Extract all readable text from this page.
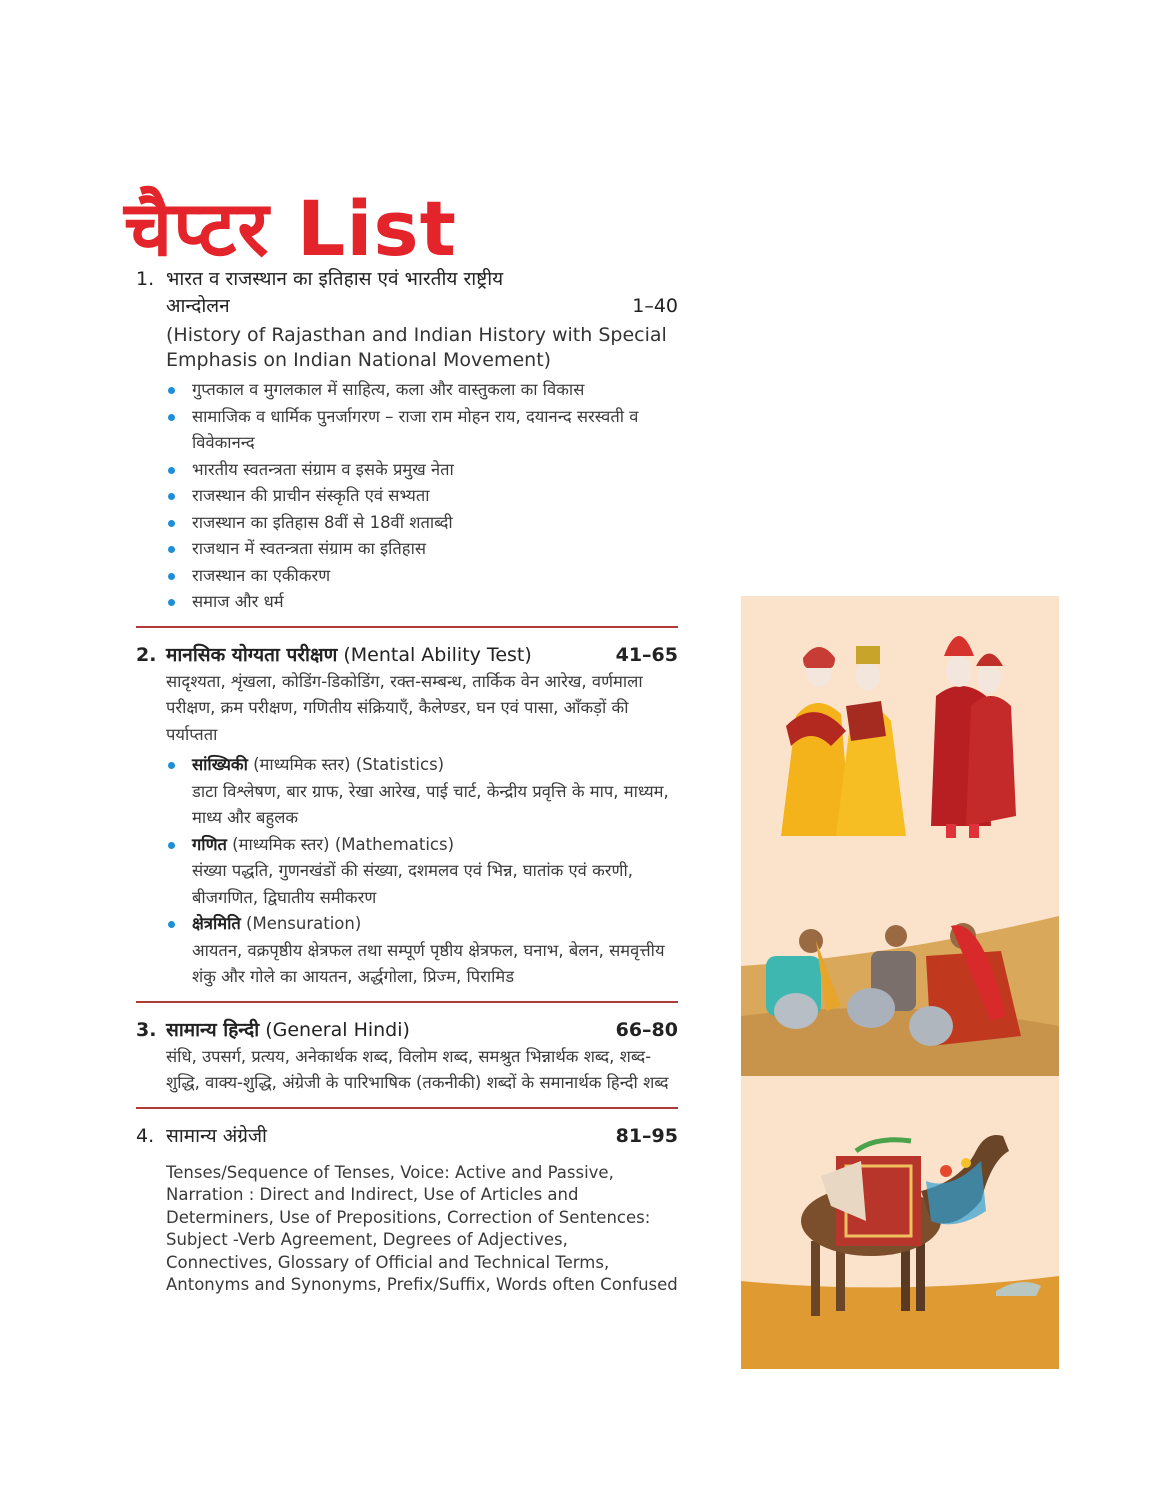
चैप्टर List
1. भारत व राजस्थान का इतिहास एवं भारतीय राष्ट्रीय
आन्दोलन	1–40
(History of Rajasthan and Indian History with Special Emphasis on Indian National Movement)
गुप्तकाल व मुगलकाल में साहित्य, कला और वास्तुकला का विकास
सामाजिक व धार्मिक पुनर्जागरण – राजा राम मोहन राय, दयानन्द सरस्वती व विवेकानन्द
भारतीय स्वतन्त्रता संग्राम व इसके प्रमुख नेता
राजस्थान की प्राचीन संस्कृति एवं सभ्यता
राजस्थान का इतिहास 8वीं से 18वीं शताब्दी
राजथान में स्वतन्त्रता संग्राम का इतिहास
राजस्थान का एकीकरण
समाज और धर्म
2. मानसिक योग्यता परीक्षण (Mental Ability Test)	41–65
सादृश्यता, शृंखला, कोडिंग-डिकोडिंग, रक्त-सम्बन्ध, तार्किक वेन आरेख, वर्णमाला परीक्षण, क्रम परीक्षण, गणितीय संक्रियाएँ, कैलेण्डर, घन एवं पासा, आँकड़ों की पर्याप्तता
सांख्यिकी (माध्यमिक स्तर) (Statistics)
डाटा विश्लेषण, बार ग्राफ, रेखा आरेख, पाई चार्ट, केन्द्रीय प्रवृत्ति के माप, माध्यम, माध्य और बहुलक
गणित (माध्यमिक स्तर) (Mathematics)
संख्या पद्धति, गुणनखंडों की संख्या, दशमलव एवं भिन्न, घातांक एवं करणी, बीजगणित, द्विघातीय समीकरण
क्षेत्रमिति (Mensuration)
आयतन, वक्रपृष्ठीय क्षेत्रफल तथा सम्पूर्ण पृष्ठीय क्षेत्रफल, घनाभ, बेलन, समवृत्तीय शंकु और गोले का आयतन, अर्द्धगोला, प्रिज्म, पिरामिड
3. सामान्य हिन्दी (General Hindi)	66–80
संधि, उपसर्ग, प्रत्यय, अनेकार्थक शब्द, विलोम शब्द, समश्रुत भिन्नार्थक शब्द, शब्द-शुद्धि, वाक्य-शुद्धि, अंग्रेजी के पारिभाषिक (तकनीकी) शब्दों के समानार्थक हिन्दी शब्द
4. सामान्य अंग्रेजी	81–95
Tenses/Sequence of Tenses, Voice: Active and Passive, Narration : Direct and Indirect, Use of Articles and Determiners, Use of Prepositions, Correction of Sentences: Subject -Verb Agreement, Degrees of Adjectives, Connectives, Glossary of Official and Technical Terms, Antonyms and Synonyms, Prefix/Suffix, Words often Confused
